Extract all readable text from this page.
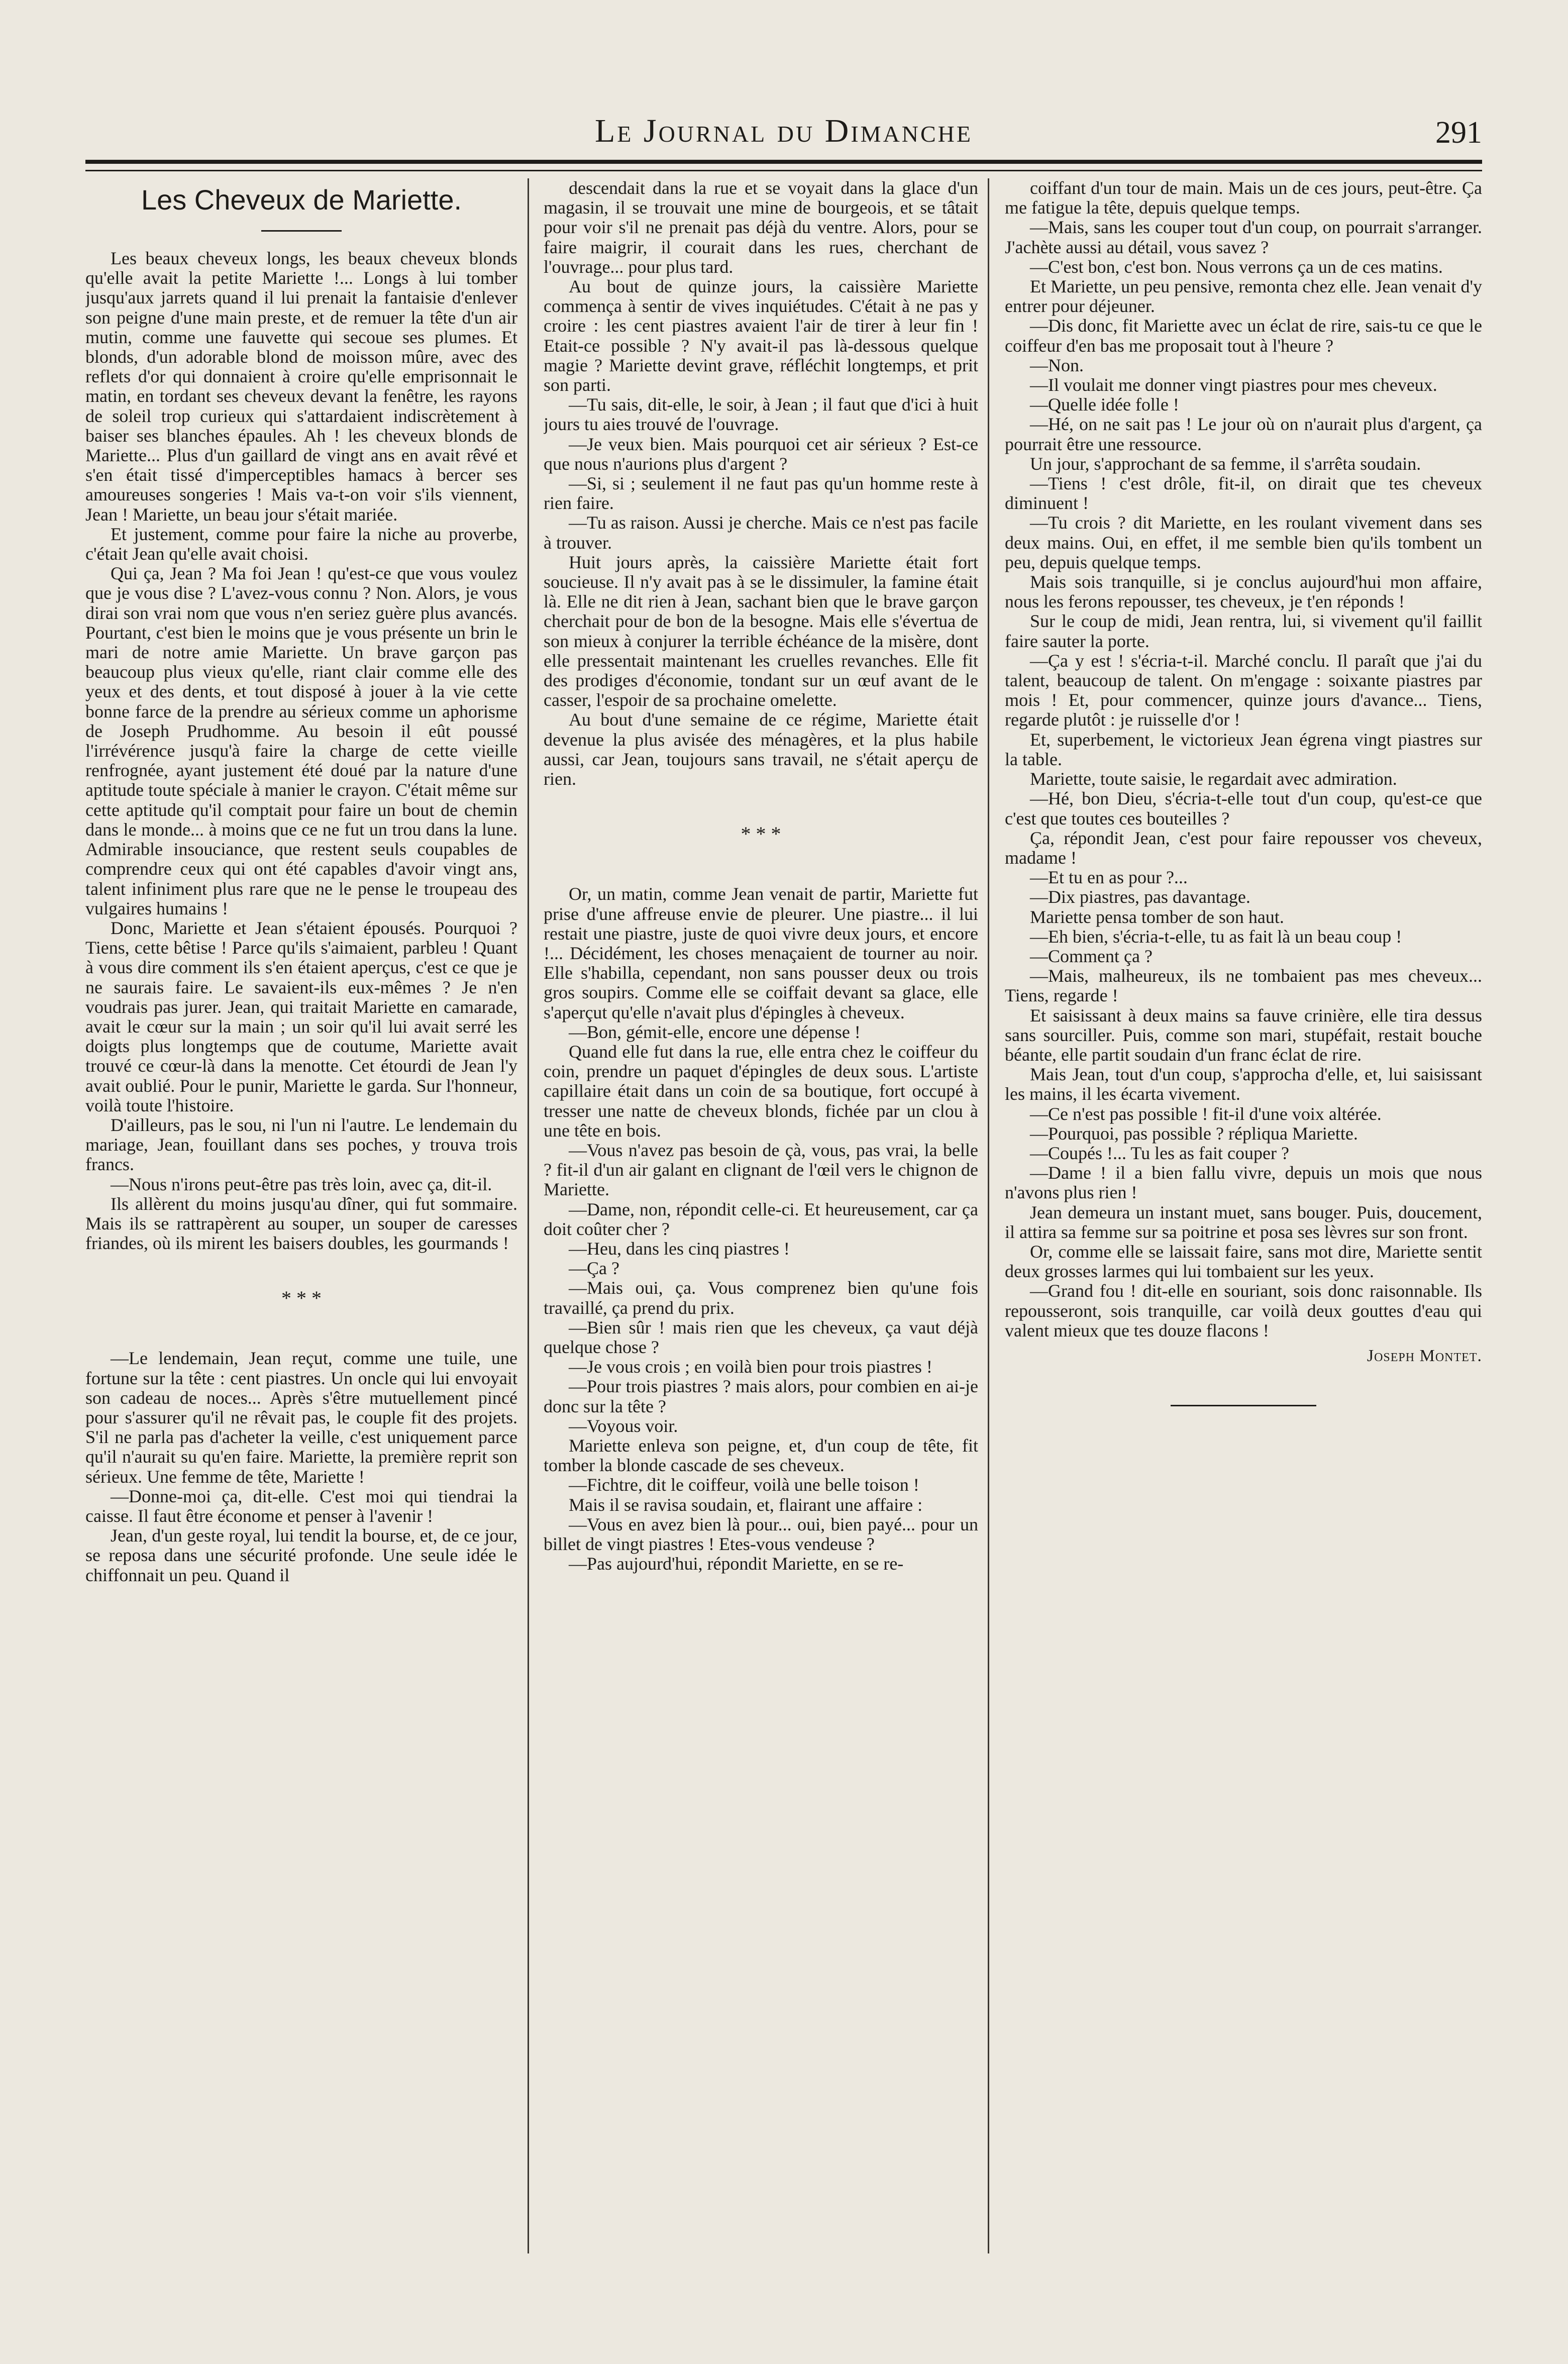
Le Journal du Dimanche	291
Les Cheveux de Mariette.

Les beaux cheveux longs, les beaux cheveux blonds qu'elle avait la petite Mariette !... Longs à lui tomber jusqu'aux jarrets quand il lui prenait la fantaisie d'enlever son peigne d'une main preste, et de remuer la tête d'un air mutin, comme une fauvette qui secoue ses plumes. Et blonds, d'un adorable blond de moisson mûre, avec des reflets d'or qui donnaient à croire qu'elle emprisonnait le matin, en tordant ses cheveux devant la fenêtre, les rayons de soleil trop curieux qui s'attardaient indiscrètement à baiser ses blanches épaules. Ah ! les cheveux blonds de Mariette... Plus d'un gaillard de vingt ans en avait rêvé et s'en était tissé d'imperceptibles hamacs à bercer ses amoureuses songeries ! Mais va-t-on voir s'ils viennent, Jean ! Mariette, un beau jour s'était mariée.

Et justement, comme pour faire la niche au proverbe, c'était Jean qu'elle avait choisi.

Qui ça, Jean ? Ma foi Jean ! qu'est-ce que vous voulez que je vous dise ? L'avez-vous connu ? Non. Alors, je vous dirai son vrai nom que vous n'en seriez guère plus avancés. Pourtant, c'est bien le moins que je vous présente un brin le mari de notre amie Mariette. Un brave garçon pas beaucoup plus vieux qu'elle, riant clair comme elle des yeux et des dents, et tout disposé à jouer à la vie cette bonne farce de la prendre au sérieux comme un aphorisme de Joseph Prudhomme. Au besoin il eût poussé l'irrévérence jusqu'à faire la charge de cette vieille renfrognée, ayant justement été doué par la nature d'une aptitude toute spéciale à manier le crayon. C'était même sur cette aptitude qu'il comptait pour faire un bout de chemin dans le monde... à moins que ce ne fut un trou dans la lune. Admirable insouciance, que restent seuls coupables de comprendre ceux qui ont été capables d'avoir vingt ans, talent infiniment plus rare que ne le pense le troupeau des vulgaires humains !

Donc, Mariette et Jean s'étaient épousés. Pourquoi ? Tiens, cette bêtise ! Parce qu'ils s'aimaient, parbleu ! Quant à vous dire comment ils s'en étaient aperçus, c'est ce que je ne saurais faire. Le savaient-ils eux-mêmes ? Je n'en voudrais pas jurer. Jean, qui traitait Mariette en camarade, avait le cœur sur la main ; un soir qu'il lui avait serré les doigts plus longtemps que de coutume, Mariette avait trouvé ce cœur-là dans la menotte. Cet étourdi de Jean l'y avait oublié. Pour le punir, Mariette le garda. Sur l'honneur, voilà toute l'histoire.

D'ailleurs, pas le sou, ni l'un ni l'autre. Le lendemain du mariage, Jean, fouillant dans ses poches, y trouva trois francs.

—Nous n'irons peut-être pas très loin, avec ça, dit-il.

Ils allèrent du moins jusqu'au dîner, qui fut sommaire. Mais ils se rattrapèrent au souper, un souper de caresses friandes, où ils mirent les baisers doubles, les gourmands !

* * *

—Le lendemain, Jean reçut, comme une tuile, une fortune sur la tête : cent piastres. Un oncle qui lui envoyait son cadeau de noces... Après s'être mutuellement pincé pour s'assurer qu'il ne rêvait pas, le couple fit des projets. S'il ne parla pas d'acheter la veille, c'est uniquement parce qu'il n'aurait su qu'en faire. Mariette, la première reprit son sérieux. Une femme de tête, Mariette !

—Donne-moi ça, dit-elle. C'est moi qui tiendrai la caisse. Il faut être économe et penser à l'avenir !

Jean, d'un geste royal, lui tendit la bourse, et, de ce jour, se reposa dans une sécurité profonde. Une seule idée le chiffonnait un peu. Quand il

descendait dans la rue et se voyait dans la glace d'un magasin, il se trouvait une mine de bourgeois, et se tâtait pour voir s'il ne prenait pas déjà du ventre. Alors, pour se faire maigrir, il courait dans les rues, cherchant de l'ouvrage... pour plus tard.

Au bout de quinze jours, la caissière Mariette commença à sentir de vives inquiétudes. C'était à ne pas y croire : les cent piastres avaient l'air de tirer à leur fin ! Etait-ce possible ? N'y avait-il pas là-dessous quelque magie ? Mariette devint grave, réfléchit longtemps, et prit son parti.

—Tu sais, dit-elle, le soir, à Jean ; il faut que d'ici à huit jours tu aies trouvé de l'ouvrage.

—Je veux bien. Mais pourquoi cet air sérieux ? Est-ce que nous n'aurions plus d'argent ?

—Si, si ; seulement il ne faut pas qu'un homme reste à rien faire.

—Tu as raison. Aussi je cherche. Mais ce n'est pas facile à trouver.

Huit jours après, la caissière Mariette était fort soucieuse. Il n'y avait pas à se le dissimuler, la famine était là. Elle ne dit rien à Jean, sachant bien que le brave garçon cherchait pour de bon de la besogne. Mais elle s'évertua de son mieux à conjurer la terrible échéance de la misère, dont elle pressentait maintenant les cruelles revanches. Elle fit des prodiges d'économie, tondant sur un œuf avant de le casser, l'espoir de sa prochaine omelette.

Au bout d'une semaine de ce régime, Mariette était devenue la plus avisée des ménagères, et la plus habile aussi, car Jean, toujours sans travail, ne s'était aperçu de rien.

* * *

Or, un matin, comme Jean venait de partir, Mariette fut prise d'une affreuse envie de pleurer. Une piastre... il lui restait une piastre, juste de quoi vivre deux jours, et encore !... Décidément, les choses menaçaient de tourner au noir. Elle s'habilla, cependant, non sans pousser deux ou trois gros soupirs. Comme elle se coiffait devant sa glace, elle s'aperçut qu'elle n'avait plus d'épingles à cheveux.

—Bon, gémit-elle, encore une dépense !

Quand elle fut dans la rue, elle entra chez le coiffeur du coin, prendre un paquet d'épingles de deux sous. L'artiste capillaire était dans un coin de sa boutique, fort occupé à tresser une natte de cheveux blonds, fichée par un clou à une tête en bois.

—Vous n'avez pas besoin de çà, vous, pas vrai, la belle ? fit-il d'un air galant en clignant de l'œil vers le chignon de Mariette.

—Dame, non, répondit celle-ci. Et heureusement, car ça doit coûter cher ?

—Heu, dans les cinq piastres !

—Ça ?

—Mais oui, ça. Vous comprenez bien qu'une fois travaillé, ça prend du prix.

—Bien sûr ! mais rien que les cheveux, ça vaut déjà quelque chose ?

—Je vous crois ; en voilà bien pour trois piastres !

—Pour trois piastres ? mais alors, pour combien en ai-je donc sur la tête ?

—Voyous voir.

Mariette enleva son peigne, et, d'un coup de tête, fit tomber la blonde cascade de ses cheveux.

—Fichtre, dit le coiffeur, voilà une belle toison !

Mais il se ravisa soudain, et, flairant une affaire :

—Vous en avez bien là pour... oui, bien payé... pour un billet de vingt piastres ! Etes-vous vendeuse ?

—Pas aujourd'hui, répondit Mariette, en se re-

coiffant d'un tour de main. Mais un de ces jours, peut-être. Ça me fatigue la tête, depuis quelque temps.

—Mais, sans les couper tout d'un coup, on pourrait s'arranger. J'achète aussi au détail, vous savez ?

—C'est bon, c'est bon. Nous verrons ça un de ces matins.

Et Mariette, un peu pensive, remonta chez elle. Jean venait d'y entrer pour déjeuner.

—Dis donc, fit Mariette avec un éclat de rire, sais-tu ce que le coiffeur d'en bas me proposait tout à l'heure ?

—Non.

—Il voulait me donner vingt piastres pour mes cheveux.

—Quelle idée folle !

—Hé, on ne sait pas ! Le jour où on n'aurait plus d'argent, ça pourrait être une ressource.

Un jour, s'approchant de sa femme, il s'arrêta soudain.

—Tiens ! c'est drôle, fit-il, on dirait que tes cheveux diminuent !

—Tu crois ? dit Mariette, en les roulant vivement dans ses deux mains. Oui, en effet, il me semble bien qu'ils tombent un peu, depuis quelque temps.

Mais sois tranquille, si je conclus aujourd'hui mon affaire, nous les ferons repousser, tes cheveux, je t'en réponds !

Sur le coup de midi, Jean rentra, lui, si vivement qu'il faillit faire sauter la porte.

—Ça y est ! s'écria-t-il. Marché conclu. Il paraît que j'ai du talent, beaucoup de talent. On m'engage : soixante piastres par mois ! Et, pour commencer, quinze jours d'avance... Tiens, regarde plutôt : je ruisselle d'or !

Et, superbement, le victorieux Jean égrena vingt piastres sur la table.

Mariette, toute saisie, le regardait avec admiration.

—Hé, bon Dieu, s'écria-t-elle tout d'un coup, qu'est-ce que c'est que toutes ces bouteilles ?

Ça, répondit Jean, c'est pour faire repousser vos cheveux, madame !

—Et tu en as pour ?...

—Dix piastres, pas davantage.

Mariette pensa tomber de son haut.

—Eh bien, s'écria-t-elle, tu as fait là un beau coup !

—Comment ça ?

—Mais, malheureux, ils ne tombaient pas mes cheveux... Tiens, regarde !

Et saisissant à deux mains sa fauve crinière, elle tira dessus sans sourciller. Puis, comme son mari, stupéfait, restait bouche béante, elle partit soudain d'un franc éclat de rire.

Mais Jean, tout d'un coup, s'approcha d'elle, et, lui saisissant les mains, il les écarta vivement.

—Ce n'est pas possible ! fit-il d'une voix altérée.

—Pourquoi, pas possible ? répliqua Mariette.

—Coupés !... Tu les as fait couper ?

—Dame ! il a bien fallu vivre, depuis un mois que nous n'avons plus rien !

Jean demeura un instant muet, sans bouger. Puis, doucement, il attira sa femme sur sa poitrine et posa ses lèvres sur son front.

Or, comme elle se laissait faire, sans mot dire, Mariette sentit deux grosses larmes qui lui tombaient sur les yeux.

—Grand fou ! dit-elle en souriant, sois donc raisonnable. Ils repousseront, sois tranquille, car voilà deux gouttes d'eau qui valent mieux que tes douze flacons !

Joseph Montet.
